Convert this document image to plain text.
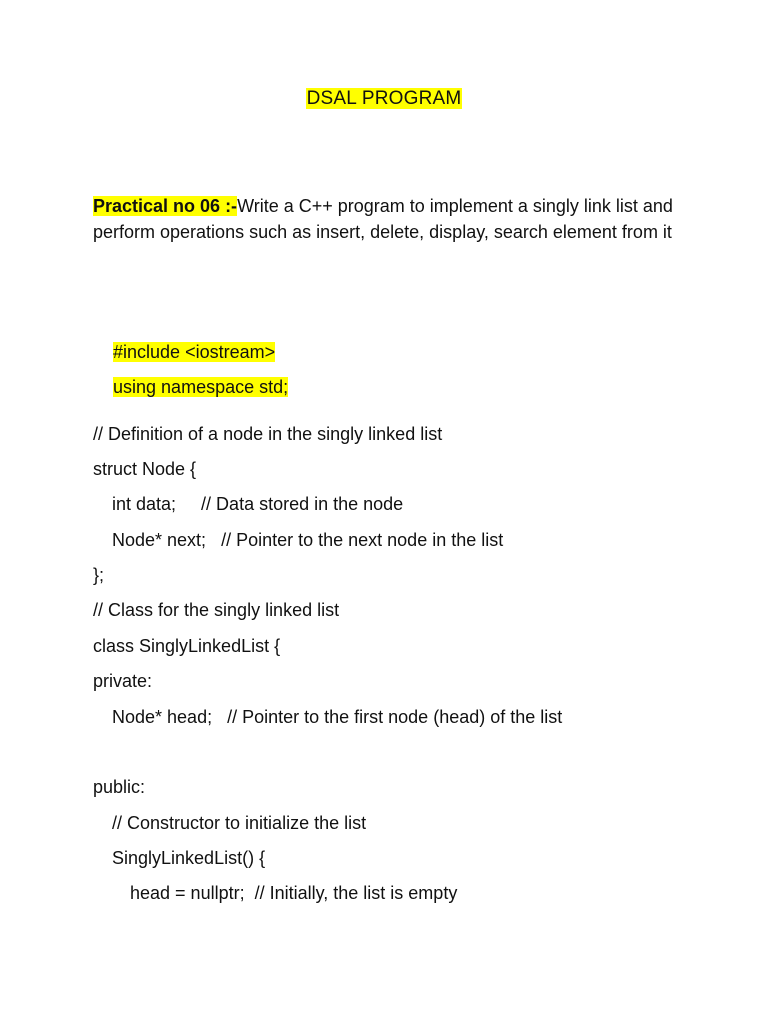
DSAL PROGRAM
Practical no 06 :-Write a C++ program to implement a singly link list and perform operations such as insert, delete, display, search element from it

#include <iostream>

using namespace std;

// Definition of a node in the singly linked list
struct Node {
int data;     // Data stored in the node
Node* next;   // Pointer to the next node in the list
};
// Class for the singly linked list
class SinglyLinkedList {
private:
Node* head;   // Pointer to the first node (head) of the list
public:
// Constructor to initialize the list
SinglyLinkedList() {
head = nullptr;  // Initially, the list is empty
